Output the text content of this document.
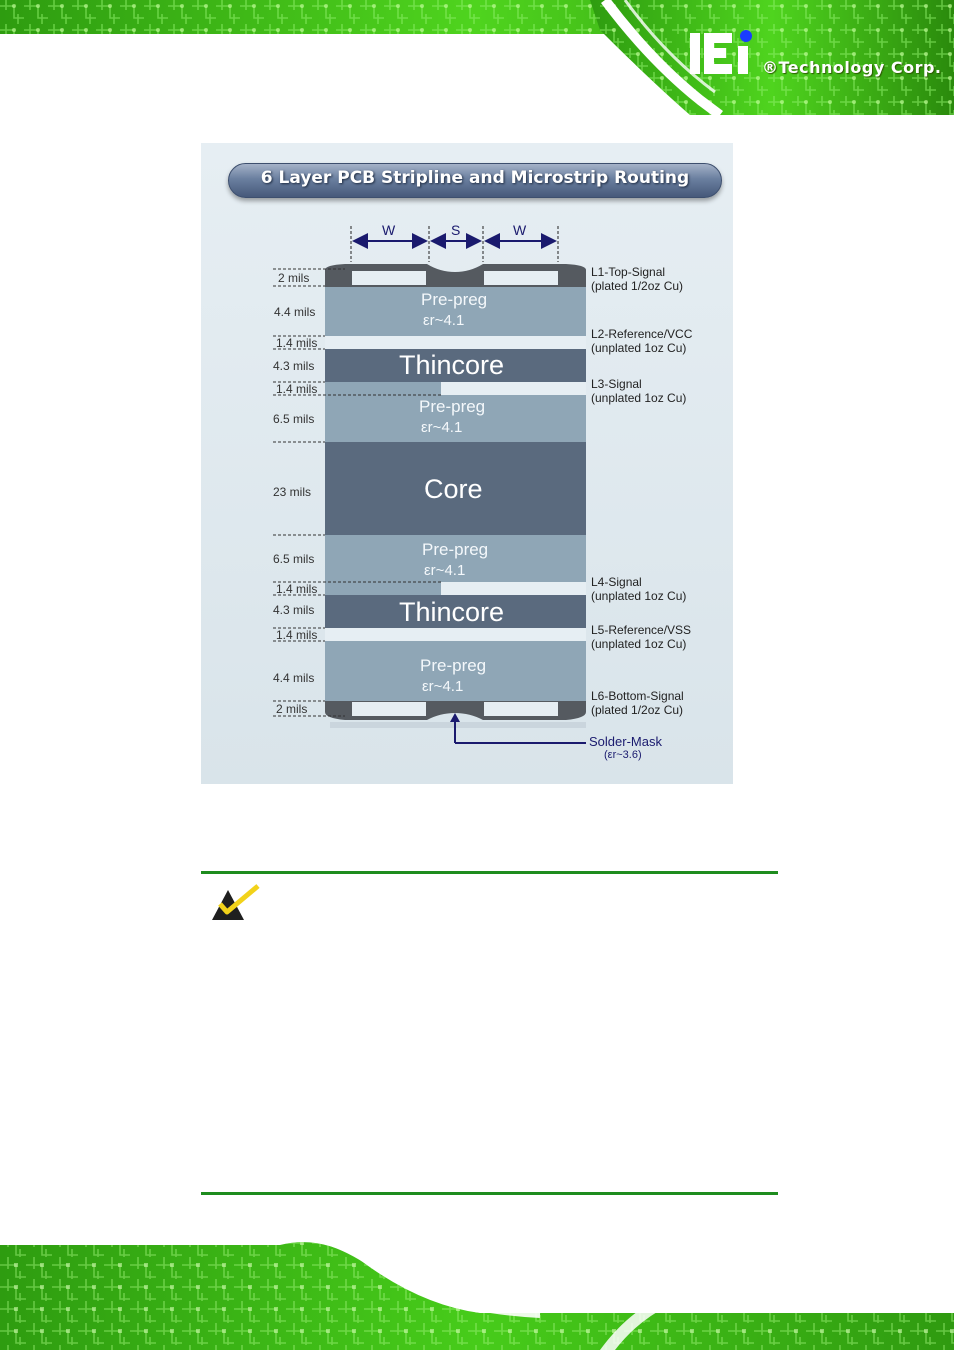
®Technology Corp.
6 Layer PCB Stripline and Microstrip Routing
2 mils
4.4 mils
1.4 mils
4.3 mils
1.4 mils
6.5 mils
23 mils
6.5 mils
1.4 mils
4.3 mils
1.4 mils
4.4 mils
2 mils
W	S	W
Pre-preg
εr~4.1
Thincore
Pre-preg
εr~4.1
Core
Pre-preg
εr~4.1
Thincore
Pre-preg
εr~4.1
L1-Top-Signal
(plated 1/2oz Cu)
L2-Reference/VCC
(unplated 1oz Cu)
L3-Signal
(unplated 1oz Cu)
L4-Signal
(unplated 1oz Cu)
L5-Reference/VSS
(unplated 1oz Cu)
L6-Bottom-Signal
(plated 1/2oz Cu)
Solder-Mask
(εr~3.6)
